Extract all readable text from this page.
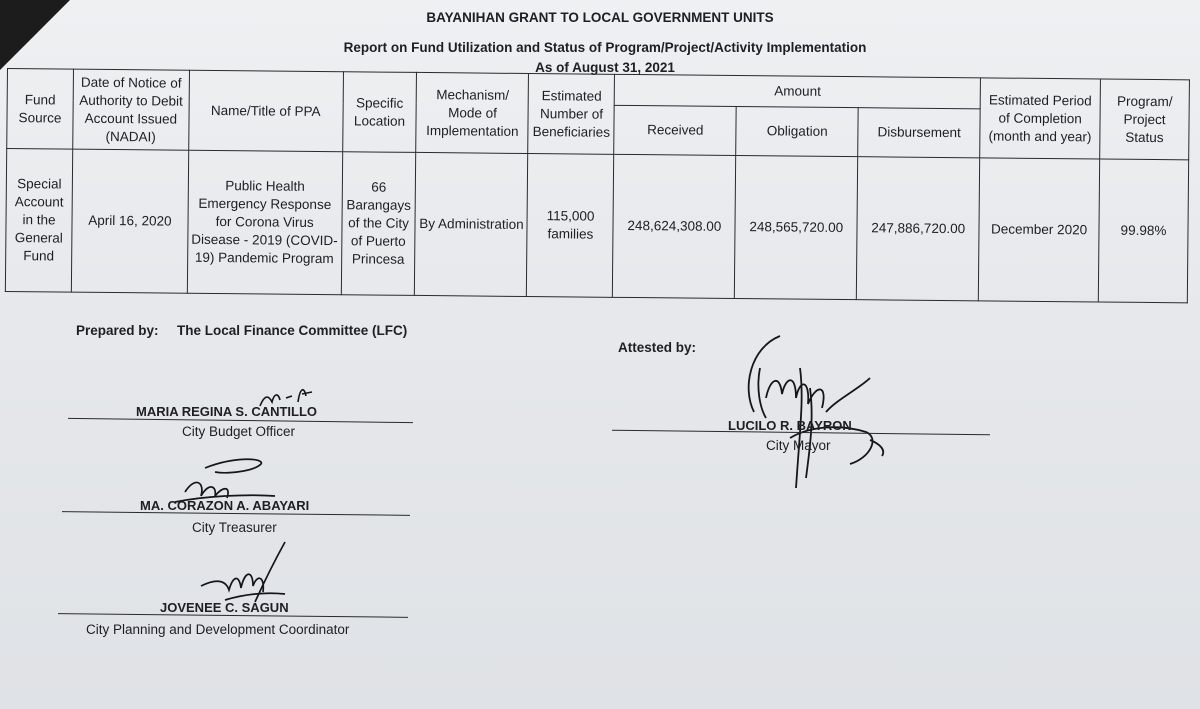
BAYANIHAN GRANT TO LOCAL GOVERNMENT UNITS
Report on Fund Utilization and Status of Program/Project/Activity Implementation
As of August 31, 2021
Fund Source	Date of Notice of Authority to Debit Account Issued (NADAI)	Name/Title of PPA	Specific Location	Mechanism/ Mode of Implementation	Estimated Number of Beneficiaries	Amount			Estimated Period of Completion (month and year)	Program/ Project Status
						Received	Obligation	Disbursement		
Special Account in the General Fund	April 16, 2020	Public Health Emergency Response for Corona Virus Disease - 2019 (COVID-19) Pandemic Program	66 Barangays of the City of Puerto Princesa	By Administration	115,000 families	248,624,308.00	248,565,720.00	247,886,720.00	December 2020	99.98%
Prepared by: The Local Finance Committee (LFC)
Attested by:

MARIA REGINA S. CANTILLO
City Budget Officer
MA. CORAZON A. ABAYARI
City Treasurer
JOVENEE C. SAGUN
City Planning and Development Coordinator
LUCILO R. BAYRON
City Mayor
